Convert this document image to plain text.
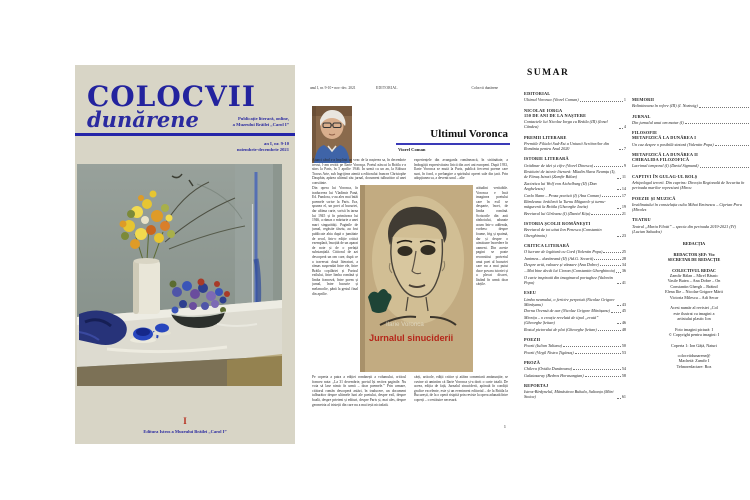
COLOCVII
dunărene	Publicație literară, online,
a Muzeului Brăilei „Carol I”
an I, nr. 9-10
noiembrie-decembrie 2021
I
Editura Istros a Muzeului Brăilei „Carol I”
anul I, nr. 9-10 • nov.-dec. 2021	EDITORIAL	Colocvii dunărene
Ultimul Voronca
Viorel Coman
Atunci când s-a împlinit un veac de la nașterea sa, în decembrie trecut, l-am recitit pe Ilarie Voronca. Poetul născut la Brăila s-a stins la Paris, în 5 aprilie 1946. În urmă cu un an, la Editura Tracus Arte, sub îngrijirea atentă a editorului francez Christophe Dauphin, apărea ultimul său jurnal, document tulburător al unei conștiințe.
experiențele din avangarda românească, în străinătate, a îmbogățit expresivitatea liricii din acei ani europeni. După 1933, Ilarie Voronca se mută la Paris, publică frecvent poeme care sunt, în fond, o prelungire a spiritului operei sale din țară. Prin adopțiunea sa, a devenit unul – alte
Din opera lui Voronca, în traducerea lui Vladimir Pană, Ed. Pandora, s-au ales mai întâi poemele scrise la Paris. Era, spunea el, un poet al bucuriei, dar ultima carte, scrisă în iarna lui 1945 și în primăvara lui 1946, a rămas o mărturie a unei mari singurătăți. Paginile de jurnal, regăsite târziu, au fost publicate abia după o jumătate de secol, într-o ediție critică exemplară, însoțită de un aparat de note și de o prefață substanțială. Cititorul de azi descoperă un om care, după ce a traversat două literaturi, a rămas suspendat între ele, între Brăila copilăriei și Parisul exilului, între limba română și limba franceză, între poem și jurnal, între bucurie și melancolie, până la gestul final din aprilie.
atitudini veritabile. Voronca e încă imaginea poetului care în exil se desparte, încet, de limba română. Scrisorile din anii războiului, adunate acum într-o addenda, vorbesc despre foame, frig și spaimă, dar și despre o uimitoare încredere în oameni. Din aceste pagini se poate reconstitui portretul unui poet al bucuriei care nu a mai putut duce povara istoriei și a plecat discret, lăsând în urmă doar cărțile.
Pe coperta a patra a ediției românești a volumului, criticul francez nota: „La 31 decembrie, poetul își recitea paginile. Nu voia să lase nimic în urmă – doar poemele.” Prin urmare, cititorul român descoperă astăzi, în traducere, un document tulburător despre ultimele luni ale poetului, despre exil, despre boală, despre prieteni și edituri, despre Paris și, mai ales, despre geometria al tristeții din care nu a mai ieșit niciodată.
cărți, articole, ediții critice și atâtea comentarii amănunțite, se cuvine să amintim că Ilarie Voronca și-a dorit o carte totală. De aceea, ediția de față, Jurnalul sinuciderii, apărută în condiții grafice excelente, este și un eveniment editorial – de la Brăila la București, de la o operă risipită prin reviste la opera adunată între coperți – o restituire necesară.
Ilarie Voronca
Jurnalul sinuciderii
1
SUMAR
EDITORIAL
Ultimul Voronca (Viorel Coman)	1
NICOLAE IORGA
150 DE ANI DE LA NAȘTERE
Contactele lui Nicolae Iorga cu Brăila (III) (Ionel Cândea)	4
PREMII LITERARE
Premiile Filialei Sud-Est a Uniunii Scriitorilor din România pentru Anul 2020	7
ISTORIE LITERARĂ
Grădinar de idei și cifre (Viorel Dinescu)	9
Restituiri de istorie literară: Mladin Slava Neamțu (I), de Fănuș Istrati (Zamfir Bălan)	11
Zacintica lui Wolf von Aichelburg (II) (Dan Anghelescu)	14
Carla Slann – Proza poetică (I) (Ana Coman)	17
Râmleanu: brăilenii la Turnu Măgurele și turnu-măgurenii la Brăila (Gheorghe Iavitz)	19
Breviarul lui Gîrleanu (I) (Daniel Kițu)	21
ISTORIA ȘCOLII ROMÂNEȘTI
Breviarul de tot uitat Ion Penescu (Constantin Gherghinoiu)	23
CRITICA LITERARĂ
O lucrare de legătură cu Cord (Valentin Popa)	25
Junimea... dunăreană (II) (Ad.G. Secară)	28
Despre artă, valoare și vânzare (Ana Dobre)	34
...Mai bine decât lui Cioran (Constantin Gherghinoiu) 36
O carte inspirată din imaginarul portughez (Valentin Popa)	41
ESEU
Limba neamului, o fericire perpetuă (Nicolae Grigore Mărășanu)	43
Dorna Ovensă de aur (Nicolae Grigore Mărășanu)	45
Miorița – o creație revelată de tipul „erată” (Gheorghe Șeitan)	46
Rostul pictorului de plai (Gheorghe Șeitan)	48
POEZII
Poezii (Iulian Talianu)	50
Poezii (Virgil Nistru Țigănuș)	53
PROZĂ
Chilera (Ovidiu Dunăreanu)	54
Galatasaray (Bedros Horasangian)	58
REPORTAJ
Istros-Birdynelul, Mănăstirea Buhala, Saltonța (Mări Stoica)	61
MEMORII
Bolintineanu în refere (III) (I. Noztwig)
JURNAL
Din jurnalul unui om matur (I)
FILOSOFIE
METAFIZICĂ LA DUNĂREA I
Un caz despre o posibilă sinteză (Valentin Popa)
METAFIZICĂ LA DUNĂREA II
CHIRALIDA FILOZOFICĂ
Lacrimal temporal (I) (David Sigmund)
CAPTIVI ÎN GULAG-UL BOLȘ
Arhipelagul terorii. Din cuprins: Direcția Regională de Securita în perioada marilor represiuni (Mircu
POEZIE ȘI MUZICĂ
Invălinatului în constelația cultu Mihai Eminescu – Ciprian Poru (Mirales
TEATRU
Teatrul „Maria Filotti” – specia din perioada 2019-2021 (IV) (Lucian Sabados)
REDACȚIA
REDACTOR ȘEF: Vio
SECRETAR DE REDACȚIE
COLECTIVUL REDAC
Zamfir Bălan – Mirel Băsnic
Vasile Butea – Ana Dobre – On
Constantin Ghergh – Brăind
Elena Ilie – Nicolae Grigore Mării
Victoria Milescu – Adi Secar
Acest număr al revistei „Col
este ilustrat cu imagini a
artistului plastic Ion
Foto imagini pictură: I
© Copyright pentru imagini: I
Coperta 1: Ion Gâță, Naturi
colocviidunarene@
Machetă: Zamfir I
Tehnoredactare: Roz
